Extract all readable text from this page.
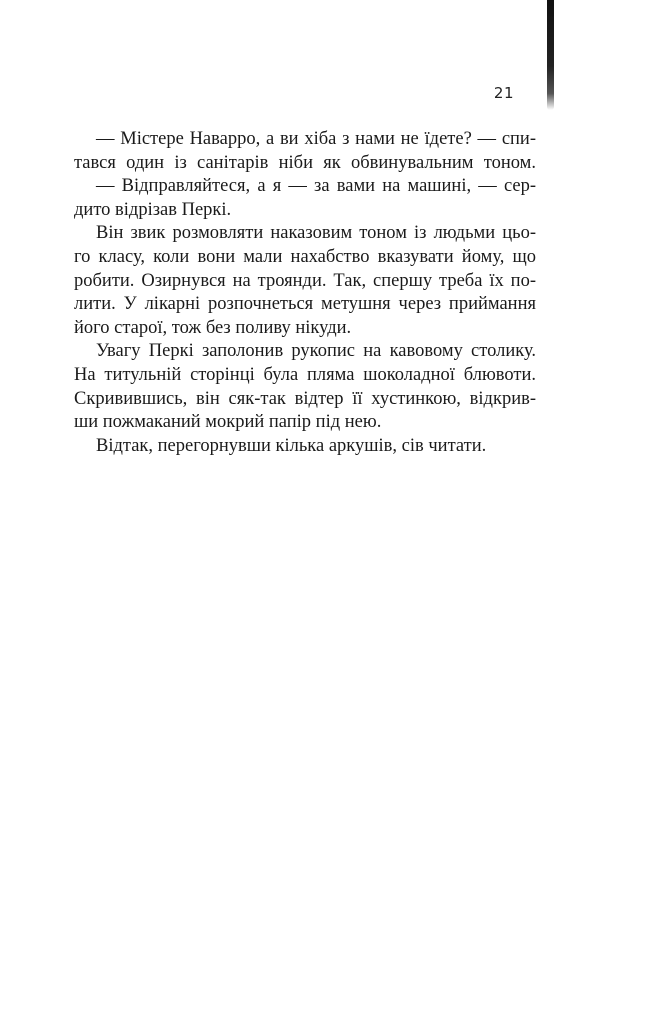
21
— Містере Наварро, а ви хіба з нами не їдете? — спи-
тався один із санітарів ніби як обвинувальним тоном.
— Відправляйтеся, а я — за вами на машині, — сер-
дито відрізав Перкі.
Він звик розмовляти наказовим тоном із людьми цьо-
го класу, коли вони мали нахабство вказувати йому, що
робити. Озирнувся на троянди. Так, спершу треба їх по-
лити. У лікарні розпочнеться метушня через приймання
його старої, тож без поливу нікуди.
Увагу Перкі заполонив рукопис на кавовому столику.
На титульній сторінці була пляма шоколадної блювоти.
Скривившись, він сяк-так відтер її хустинкою, відкрив-
ши пожмаканий мокрий папір під нею.
Відтак, перегорнувши кілька аркушів, сів читати.
